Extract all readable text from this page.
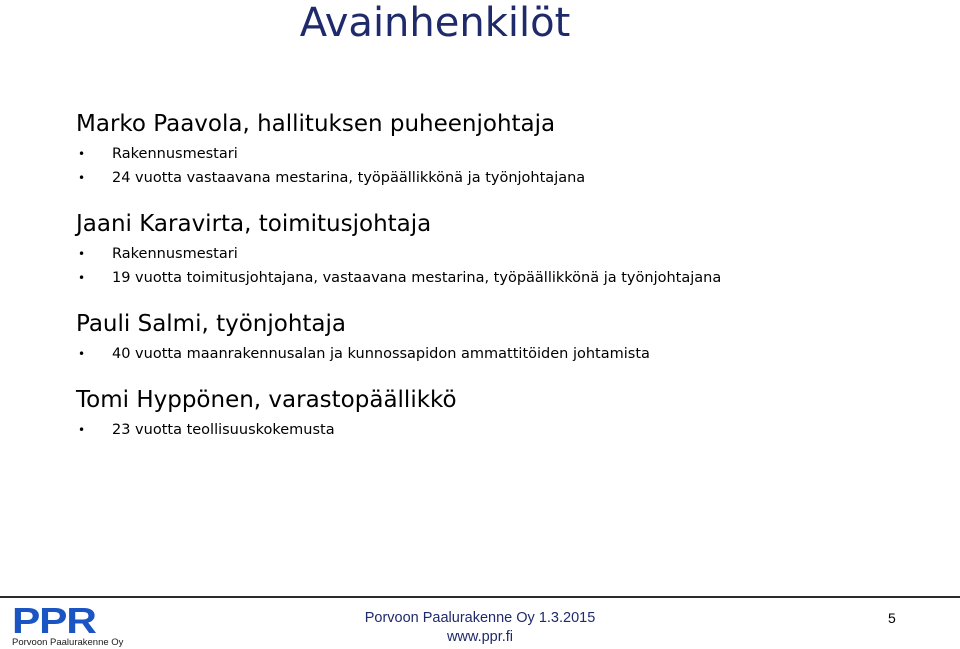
Avainhenkilöt
Marko Paavola, hallituksen puheenjohtaja
• Rakennusmestari
• 24 vuotta vastaavana mestarina, työpäällikkönä ja työnjohtajana
Jaani Karavirta, toimitusjohtaja
• Rakennusmestari
• 19 vuotta toimitusjohtajana, vastaavana mestarina, työpäällikkönä ja työnjohtajana
Pauli Salmi, työnjohtaja
• 40 vuotta maanrakennusalan ja kunnossapidon ammattitöiden johtamista
Tomi Hyppönen, varastopäällikkö
• 23 vuotta teollisuuskokemusta
PPR
Porvoon Paalurakenne Oy
Porvoon Paalurakenne Oy 1.3.2015
www.ppr.fi
5
